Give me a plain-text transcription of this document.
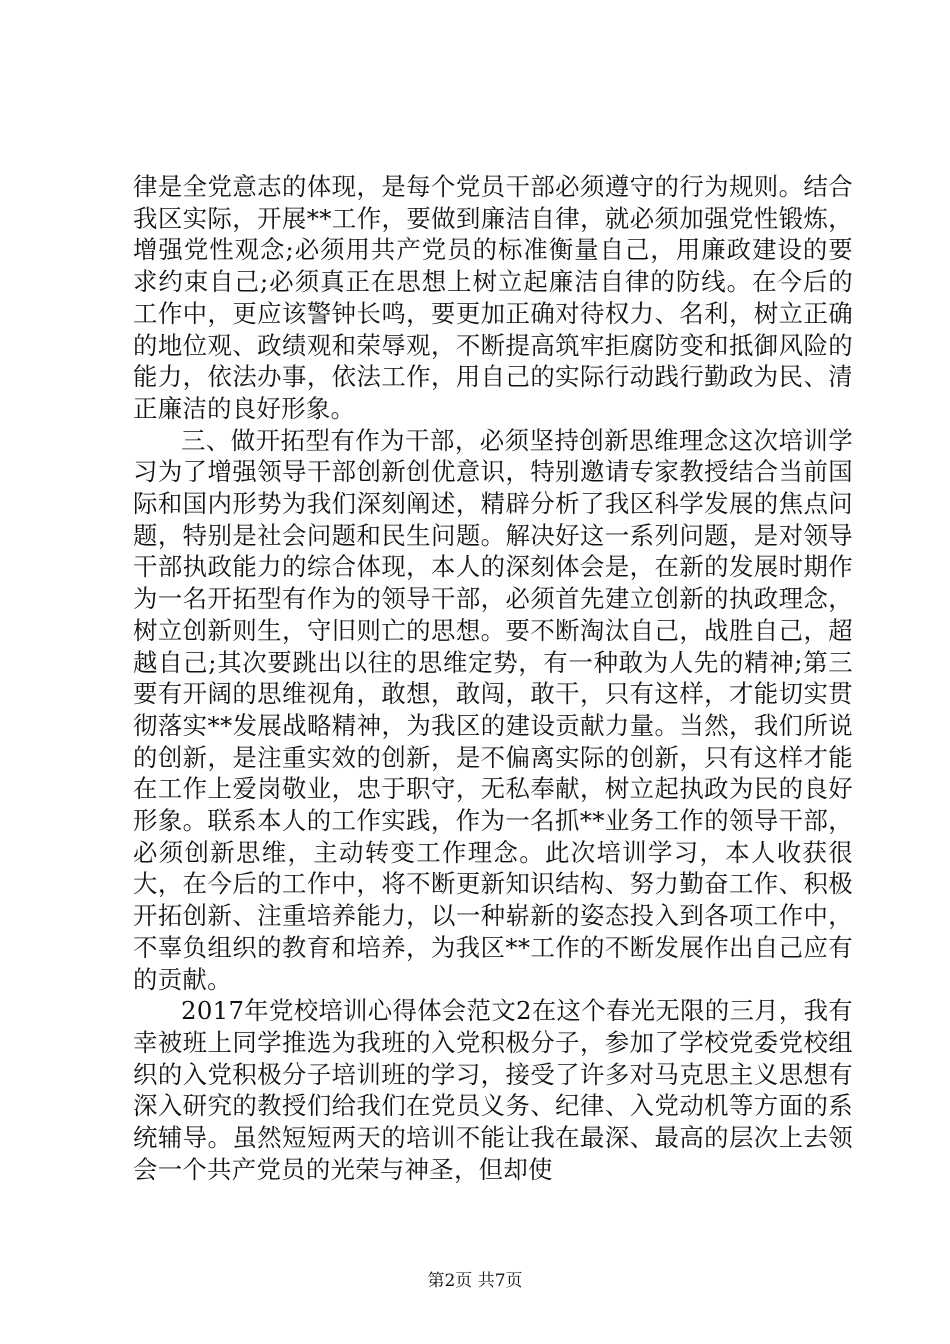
律是全党意志的体现，是每个党员干部必须遵守的行为规则。结合我区实际，开展**工作，要做到廉洁自律，就必须加强党性锻炼，增强党性观念;必须用共产党员的标准衡量自己，用廉政建设的要求约束自己;必须真正在思想上树立起廉洁自律的防线。在今后的工作中，更应该警钟长鸣，要更加正确对待权力、名利，树立正确的地位观、政绩观和荣辱观，不断提高筑牢拒腐防变和抵御风险的能力，依法办事，依法工作，用自己的实际行动践行勤政为民、清正廉洁的良好形象。

三、做开拓型有作为干部，必须坚持创新思维理念这次培训学习为了增强领导干部创新创优意识，特别邀请专家教授结合当前国际和国内形势为我们深刻阐述，精辟分析了我区科学发展的焦点问题，特别是社会问题和民生问题。解决好这一系列问题，是对领导干部执政能力的综合体现，本人的深刻体会是，在新的发展时期作为一名开拓型有作为的领导干部，必须首先建立创新的执政理念，树立创新则生，守旧则亡的思想。要不断淘汰自己，战胜自己，超越自己;其次要跳出以往的思维定势，有一种敢为人先的精神;第三要有开阔的思维视角，敢想，敢闯，敢干，只有这样，才能切实贯彻落实**发展战略精神，为我区的建设贡献力量。当然，我们所说的创新，是注重实效的创新，是不偏离实际的创新，只有这样才能在工作上爱岗敬业，忠于职守，无私奉献，树立起执政为民的良好形象。联系本人的工作实践，作为一名抓**业务工作的领导干部，必须创新思维，主动转变工作理念。此次培训学习，本人收获很大，在今后的工作中，将不断更新知识结构、努力勤奋工作、积极开拓创新、注重培养能力，以一种崭新的姿态投入到各项工作中，不辜负组织的教育和培养，为我区**工作的不断发展作出自己应有的贡献。

2017年党校培训心得体会范文2在这个春光无限的三月，我有幸被班上同学推选为我班的入党积极分子，参加了学校党委党校组织的入党积极分子培训班的学习，接受了许多对马克思主义思想有深入研究的教授们给我们在党员义务、纪律、入党动机等方面的系统辅导。虽然短短两天的培训不能让我在最深、最高的层次上去领会一个共产党员的光荣与神圣，但却使

第2页 共7页
